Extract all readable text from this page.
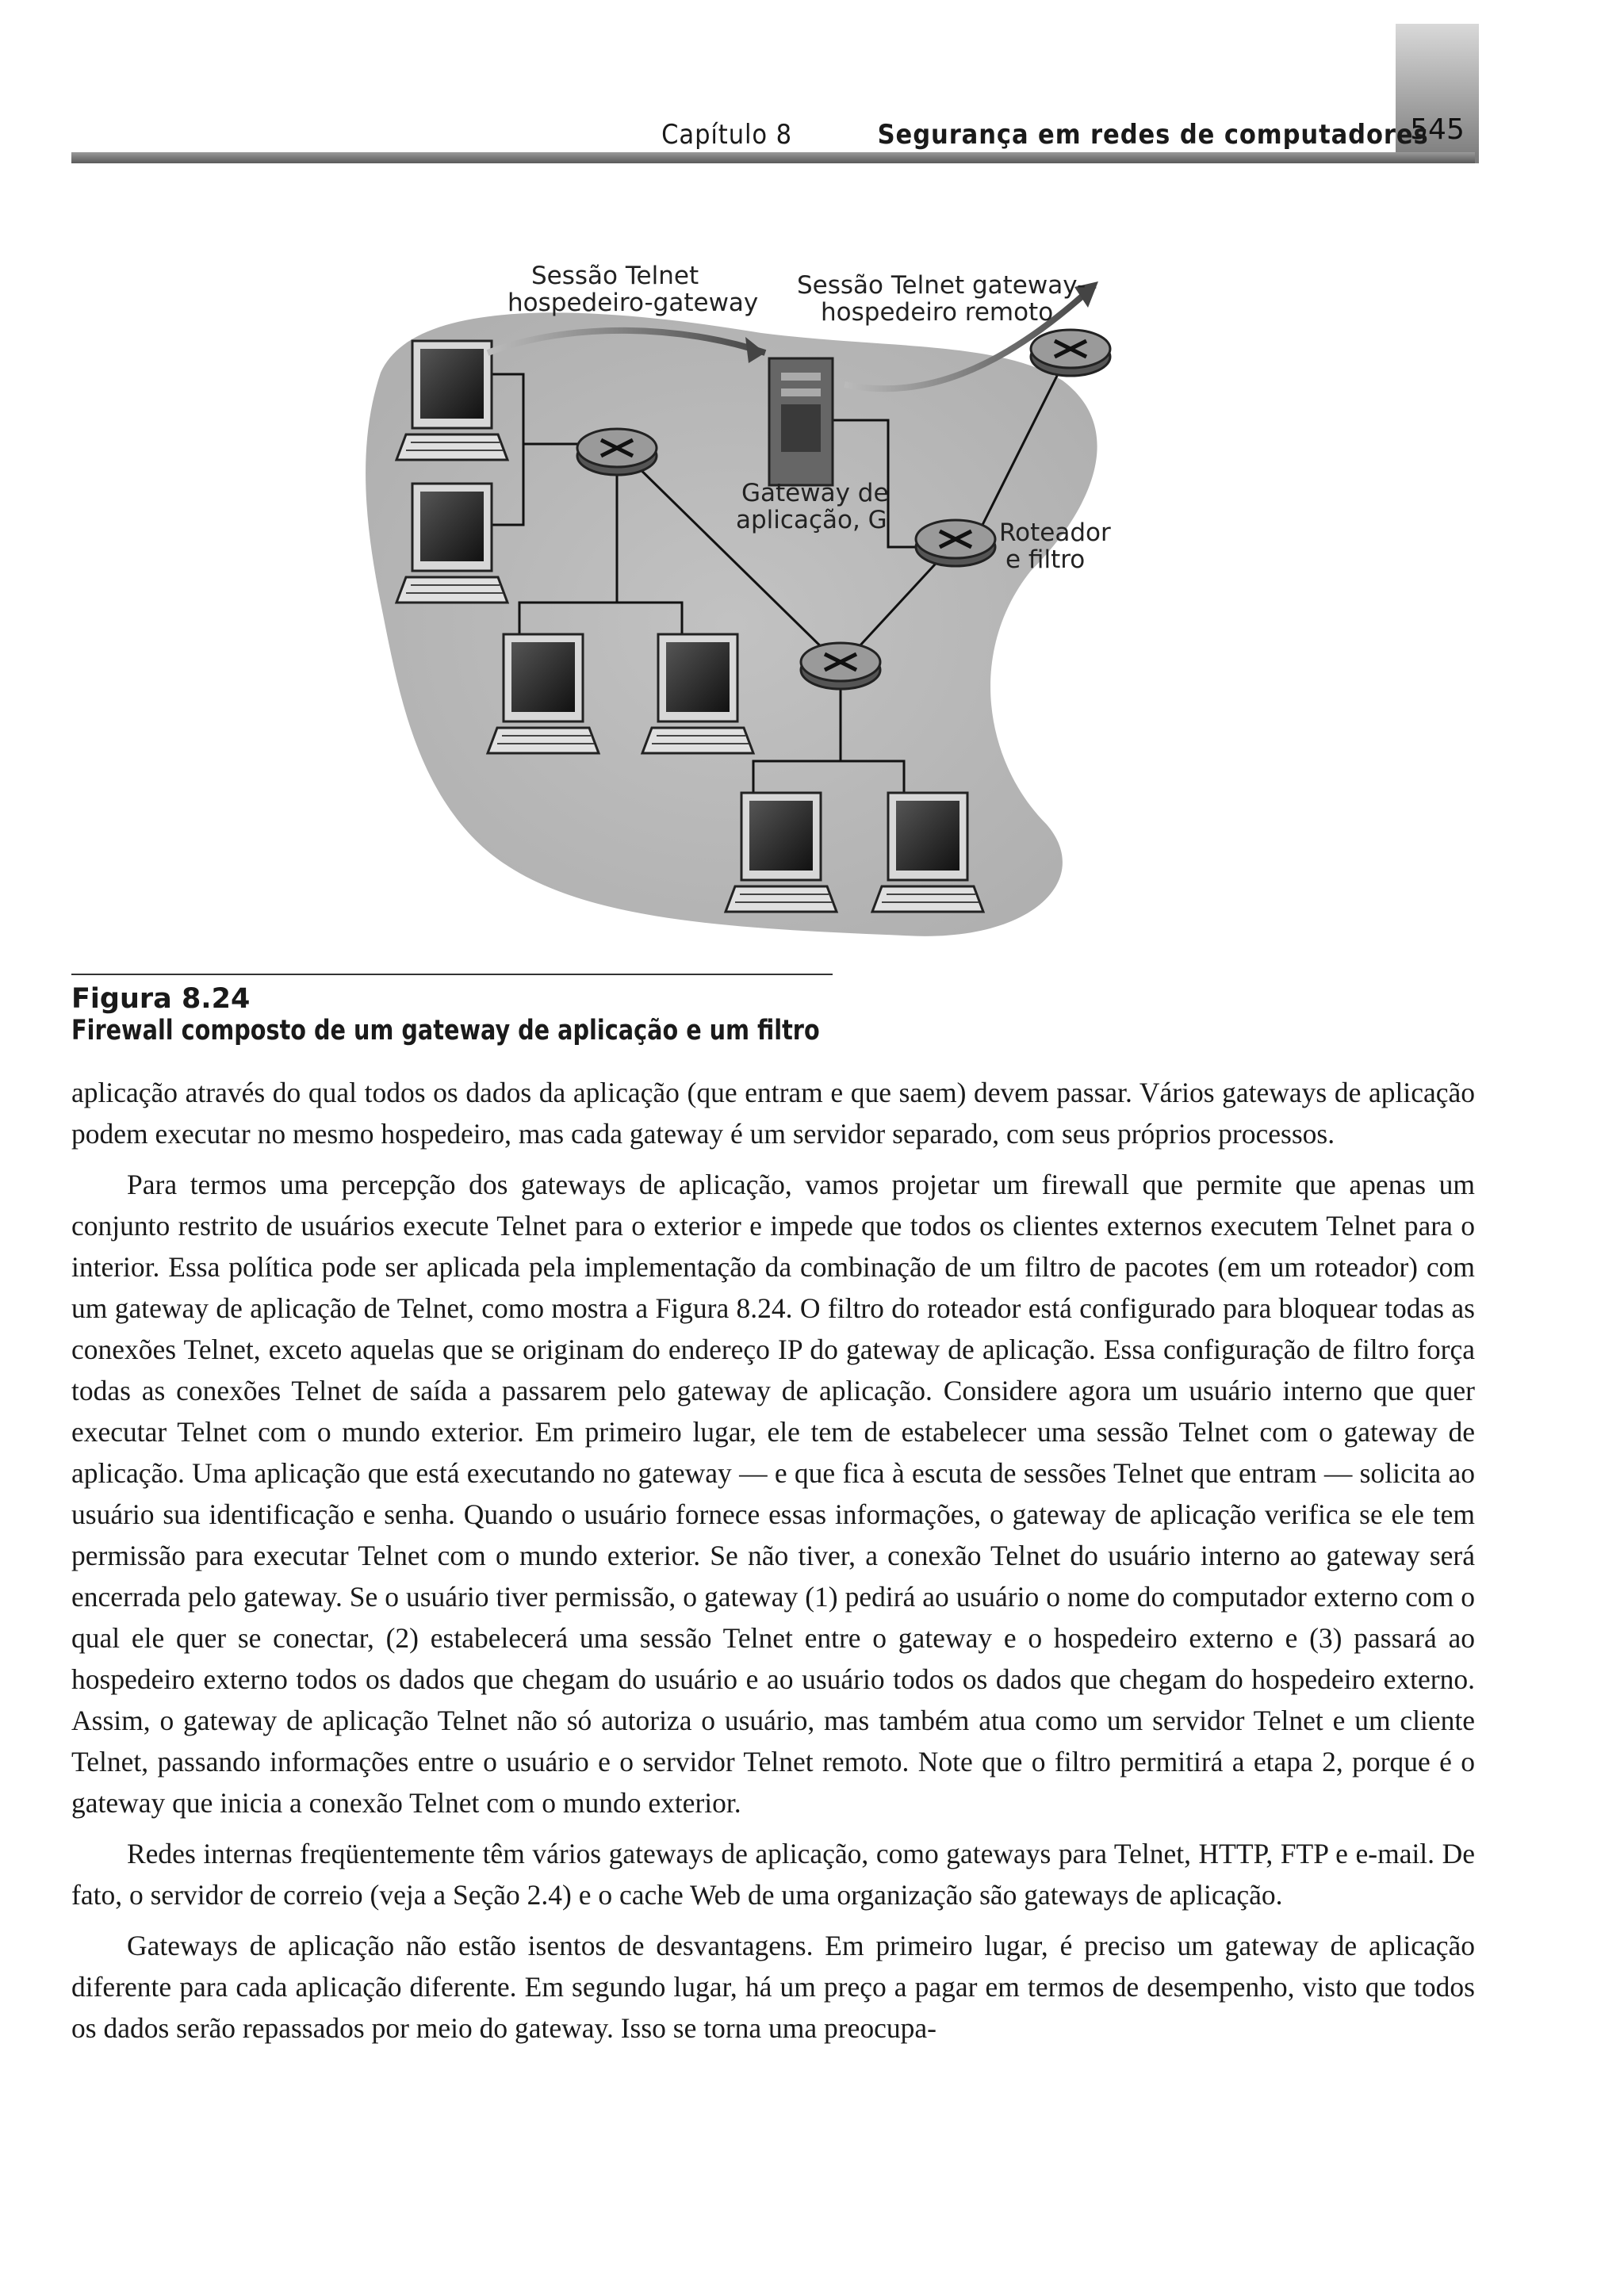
545
Capítulo 8	Segurança em redes de computadores
Sessão Telnet
hospedeiro-gateway
Sessão Telnet gateway-
hospedeiro remoto
Gateway de
aplicação, G	Roteador
e filtro
Figura 8.24 Firewall composto de um gateway de aplicação e um filtro

aplicação através do qual todos os dados da aplicação (que entram e que saem) devem passar. Vários gateways de aplicação podem executar no mesmo hospedeiro, mas cada gateway é um servidor separado, com seus próprios processos.

Para termos uma percepção dos gateways de aplicação, vamos projetar um firewall que permite que apenas um conjunto restrito de usuários execute Telnet para o exterior e impede que todos os clientes externos executem Telnet para o interior. Essa política pode ser aplicada pela implementação da combinação de um filtro de pacotes (em um roteador) com um gateway de aplicação de Telnet, como mostra a Figura 8.24. O filtro do roteador está configurado para bloquear todas as conexões Telnet, exceto aquelas que se originam do endereço IP do gateway de aplicação. Essa configuração de filtro força todas as conexões Telnet de saída a passarem pelo gateway de aplicação. Considere agora um usuário interno que quer executar Telnet com o mundo exterior. Em primeiro lugar, ele tem de estabelecer uma sessão Telnet com o gateway de aplicação. Uma aplicação que está executando no gateway — e que fica à escuta de sessões Telnet que entram — solicita ao usuário sua identificação e senha. Quando o usuário fornece essas informações, o gateway de aplicação verifica se ele tem permissão para executar Telnet com o mundo exterior. Se não tiver, a conexão Telnet do usuário interno ao gateway será encerrada pelo gateway. Se o usuário tiver permissão, o gateway (1) pedirá ao usuário o nome do computador externo com o qual ele quer se conectar, (2) estabelecerá uma sessão Telnet entre o gateway e o hospedeiro externo e (3) passará ao hospedeiro externo todos os dados que chegam do usuário e ao usuário todos os dados que chegam do hospedeiro externo. Assim, o gateway de aplicação Telnet não só autoriza o usuário, mas também atua como um servidor Telnet e um cliente Telnet, passando informações entre o usuário e o servidor Telnet remoto. Note que o filtro permitirá a etapa 2, porque é o gateway que inicia a conexão Telnet com o mundo exterior.

Redes internas freqüentemente têm vários gateways de aplicação, como gateways para Telnet, HTTP, FTP e e-mail. De fato, o servidor de correio (veja a Seção 2.4) e o cache Web de uma organização são gateways de aplicação.

Gateways de aplicação não estão isentos de desvantagens. Em primeiro lugar, é preciso um gateway de aplicação diferente para cada aplicação diferente. Em segundo lugar, há um preço a pagar em termos de desempenho, visto que todos os dados serão repassados por meio do gateway. Isso se torna uma preocupa-
